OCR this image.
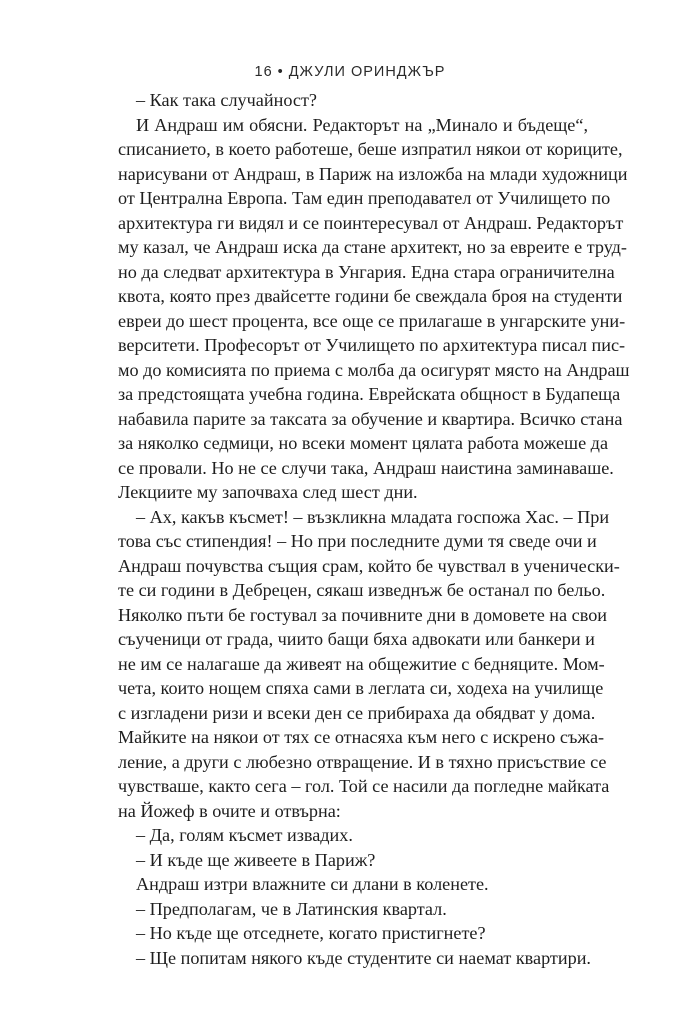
16 • ДЖУЛИ ОРИНДЖЪР
– Как така случайност?
И Андраш им обясни. Редакторът на „Минало и бъдеще“,
списанието, в което работеше, беше изпратил някои от кориците,
нарисувани от Андраш, в Париж на изложба на млади художници
от Централна Европа. Там един преподавател от Училището по
архитектура ги видял и се поинтересувал от Андраш. Редакторът
му казал, че Андраш иска да стане архитект, но за евреите е труд-
но да следват архитектура в Унгария. Една стара ограничителна
квота, която през двайсетте години бе свеждала броя на студенти
евреи до шест процента, все още се прилагаше в унгарските уни-
верситети. Професорът от Училището по архитектура писал пис-
мо до комисията по приема с молба да осигурят място на Андраш
за предстоящата учебна година. Еврейската общност в Будапеща
набавила парите за таксата за обучение и квартира. Всичко стана
за няколко седмици, но всеки момент цялата работа можеше да
се провали. Но не се случи така, Андраш наистина заминаваше.
Лекциите му започваха след шест дни.
– Ах, какъв късмет! – възкликна младата госпожа Хас. – При
това със стипендия! – Но при последните думи тя сведе очи и
Андраш почувства същия срам, който бе чувствал в ученически-
те си години в Дебрецен, сякаш изведнъж бе останал по бельо.
Няколко пъти бе гостувал за почивните дни в домовете на свои
съученици от града, чиито бащи бяха адвокати или банкери и
не им се налагаше да живеят на общежитие с бедняците. Мом-
чета, които нощем спяха сами в леглата си, ходеха на училище
с изгладени ризи и всеки ден се прибираха да обядват у дома.
Майките на някои от тях се отнасяха към него с искрено съжа-
ление, а други с любезно отвращение. И в тяхно присъствие се
чувстваше, както сега – гол. Той се насили да погледне майката
на Йожеф в очите и отвърна:
– Да, голям късмет извадих.
– И къде ще живеете в Париж?
Андраш изтри влажните си длани в коленете.
– Предполагам, че в Латинския квартал.
– Но къде ще отседнете, когато пристигнете?
– Ще попитам някого къде студентите си наемат квартири.
